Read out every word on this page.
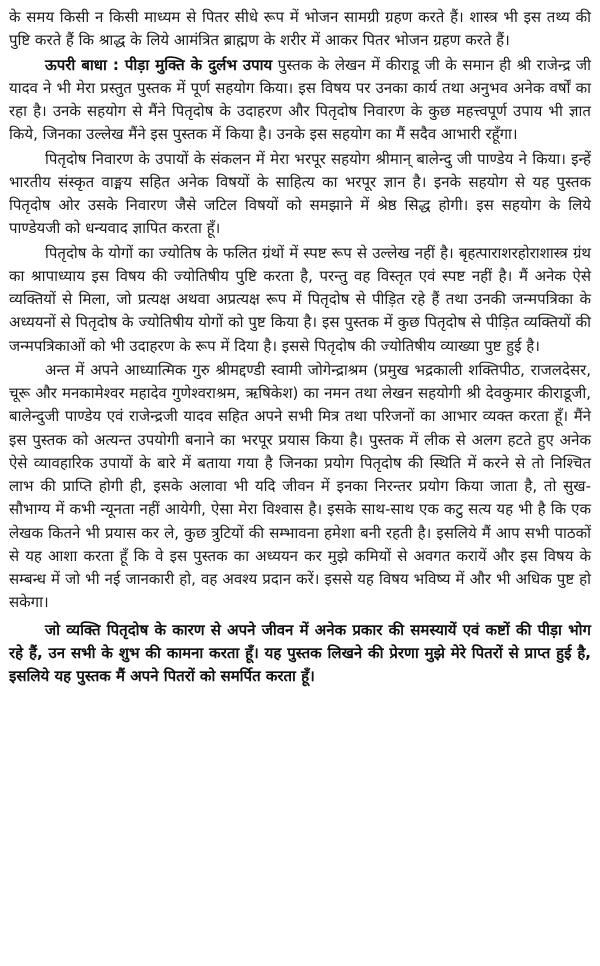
के समय किसी न किसी माध्यम से पितर सीधे रूप में भोजन सामग्री ग्रहण करते हैं। शास्त्र भी इस तथ्य की पुष्टि करते हैं कि श्राद्ध के लिये आमंत्रित ब्राह्मण के शरीर में आकर पितर भोजन ग्रहण करते हैं।

ऊपरी बाधा : पीड़ा मुक्ति के दुर्लभ उपाय पुस्तक के लेखन में कीराडू जी के समान ही श्री राजेन्द्र जी यादव ने भी मेरा प्रस्तुत पुस्तक में पूर्ण सहयोग किया। इस विषय पर उनका कार्य तथा अनुभव अनेक वर्षों का रहा है। उनके सहयोग से मैंने पितृदोष के उदाहरण और पितृदोष निवारण के कुछ महत्त्वपूर्ण उपाय भी ज्ञात किये, जिनका उल्लेख मैंने इस पुस्तक में किया है। उनके इस सहयोग का मैं सदैव आभारी रहूँगा।

पितृदोष निवारण के उपायों के संकलन में मेरा भरपूर सहयोग श्रीमान् बालेन्दु जी पाण्डेय ने किया। इन्हें भारतीय संस्कृत वाङ्मय सहित अनेक विषयों के साहित्य का भरपूर ज्ञान है। इनके सहयोग से यह पुस्तक पितृदोष ओर उसके निवारण जैसे जटिल विषयों को समझाने में श्रेष्ठ सिद्ध होगी। इस सहयोग के लिये पाण्डेयजी को धन्यवाद ज्ञापित करता हूँ।

पितृदोष के योगों का ज्योतिष के फलित ग्रंथों में स्पष्ट रूप से उल्लेख नहीं है। बृहत्पाराशरहोराशास्त्र ग्रंथ का श्रापाध्याय इस विषय की ज्योतिषीय पुष्टि करता है, परन्तु वह विस्तृत एवं स्पष्ट नहीं है। मैं अनेक ऐसे व्यक्तियों से मिला, जो प्रत्यक्ष अथवा अप्रत्यक्ष रूप में पितृदोष से पीड़ित रहे हैं तथा उनकी जन्मपत्रिका के अध्ययनों से पितृदोष के ज्योतिषीय योगों को पुष्ट किया है। इस पुस्तक में कुछ पितृदोष से पीड़ित व्यक्तियों की जन्मपत्रिकाओं को भी उदाहरण के रूप में दिया है। इससे पितृदोष की ज्योतिषीय व्याख्या पुष्ट हुई है।

अन्त में अपने आध्यात्मिक गुरु श्रीमद्दण्डी स्वामी जोगेन्द्राश्रम (प्रमुख भद्रकाली शक्तिपीठ, राजलदेसर, चूरू और मनकामेश्वर महादेव गुणेश्वराश्रम, ऋषिकेश) का नमन तथा लेखन सहयोगी श्री देवकुमार कीराडूजी, बालेन्दुजी पाण्डेय एवं राजेन्द्रजी यादव सहित अपने सभी मित्र तथा परिजनों का आभार व्यक्त करता हूँ। मैंने इस पुस्तक को अत्यन्त उपयोगी बनाने का भरपूर प्रयास किया है। पुस्तक में लीक से अलग हटते हुए अनेक ऐसे व्यावहारिक उपायों के बारे में बताया गया है जिनका प्रयोग पितृदोष की स्थिति में करने से तो निश्चित लाभ की प्राप्ति होगी ही, इसके अलावा भी यदि जीवन में इनका निरन्तर प्रयोग किया जाता है, तो सुख-सौभाग्य में कभी न्यूनता नहीं आयेगी, ऐसा मेरा विश्वास है। इसके साथ-साथ एक कटु सत्य यह भी है कि एक लेखक कितने भी प्रयास कर ले, कुछ त्रुटियों की सम्भावना हमेशा बनी रहती है। इसलिये मैं आप सभी पाठकों से यह आशा करता हूँ कि वे इस पुस्तक का अध्ययन कर मुझे कमियों से अवगत करायें और इस विषय के सम्बन्ध में जो भी नई जानकारी हो, वह अवश्य प्रदान करें। इससे यह विषय भविष्य में और भी अधिक पुष्ट हो सकेगा।

जो व्यक्ति पितृदोष के कारण से अपने जीवन में अनेक प्रकार की समस्यायें एवं कष्टों की पीड़ा भोग रहे हैं, उन सभी के शुभ की कामना करता हूँ। यह पुस्तक लिखने की प्रेरणा मुझे मेरे पितरों से प्राप्त हुई है, इसलिये यह पुस्तक मैं अपने पितरों को समर्पित करता हूँ।
